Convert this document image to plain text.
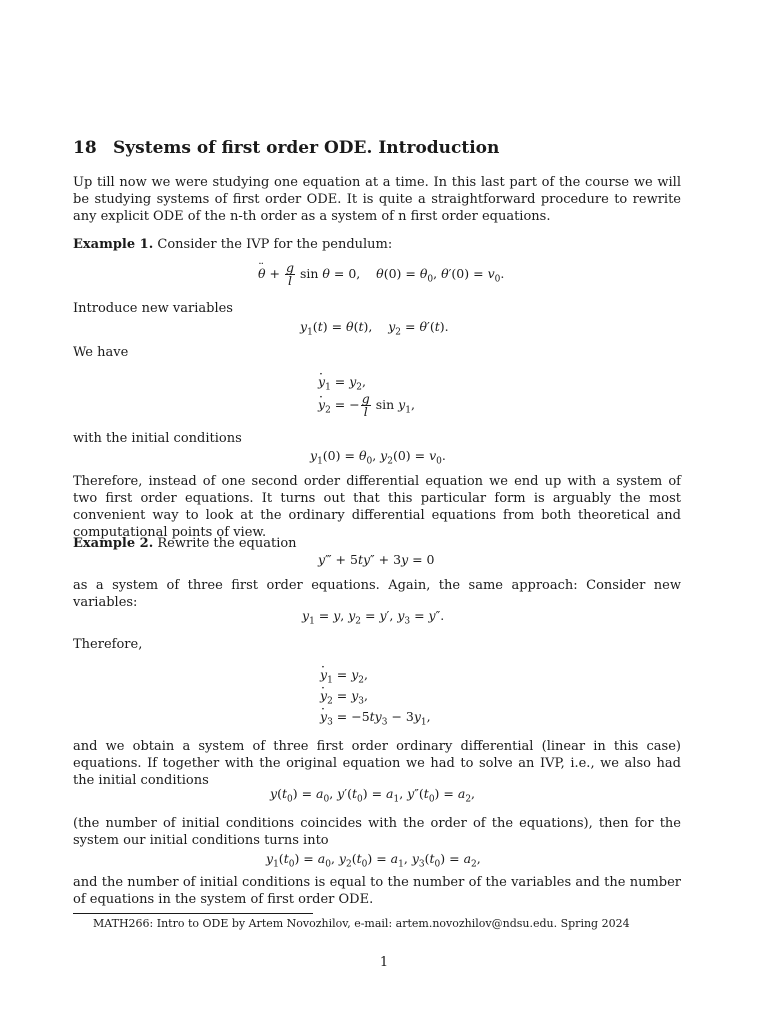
18 Systems of first order ODE. Introduction

Up till now we were studying one equation at a time. In this last part of the course we will be studying systems of first order ODE. It is quite a straightforward procedure to rewrite any explicit ODE of the n-th order as a system of n first order equations.

Example 1. Consider the IVP for the pendulum:

¨ $\theta + \frac{g}{l}$ sin θ = 0,    $\theta(0) = \theta_0$, $\theta'(0) = v_0$.

Introduce new variables

$y_1(t) = \theta(t)$,    $y_2 = \theta'(t)$.

We have

· $y_1 = y_2$,
· $y_2$ = − $\frac{g}{l}$ $\sin y_1$,

with the initial conditions

$y_1(0) = \theta_0$, $y_2(0) = v_0$.

Therefore, instead of one second order differential equation we end up with a system of two first order equations. It turns out that this particular form is arguably the most convenient way to look at the ordinary differential equations from both theoretical and computational points of view.

Example 2. Rewrite the equation

y‴ + 5ty″ + 3y = 0

as a system of three first order equations. Again, the same approach: Consider new variables:

$y_1 = y$, $y_2 = y'$, $y_3 = y''$.

Therefore,

· $y_1 = y_2$,
· $y_2 = y_3$,
· $y_3 = -5ty_3 - 3y_1$,

and we obtain a system of three first order ordinary differential (linear in this case) equations. If together with the original equation we had to solve an IVP, i.e., we also had the initial conditions

$y(t_0) = a_0$, $y'(t_0) = a_1$, $y''(t_0) = a_2$,

(the number of initial conditions coincides with the order of the equations), then for the system our initial conditions turns into

$y_1(t_0) = a_0$, $y_2(t_0) = a_1$, $y_3(t_0) = a_2$,

and the number of initial conditions is equal to the number of the variables and the number of equations in the system of first order ODE.

MATH266: Intro to ODE by Artem Novozhilov, e-mail: artem.novozhilov@ndsu.edu. Spring 2024
1
